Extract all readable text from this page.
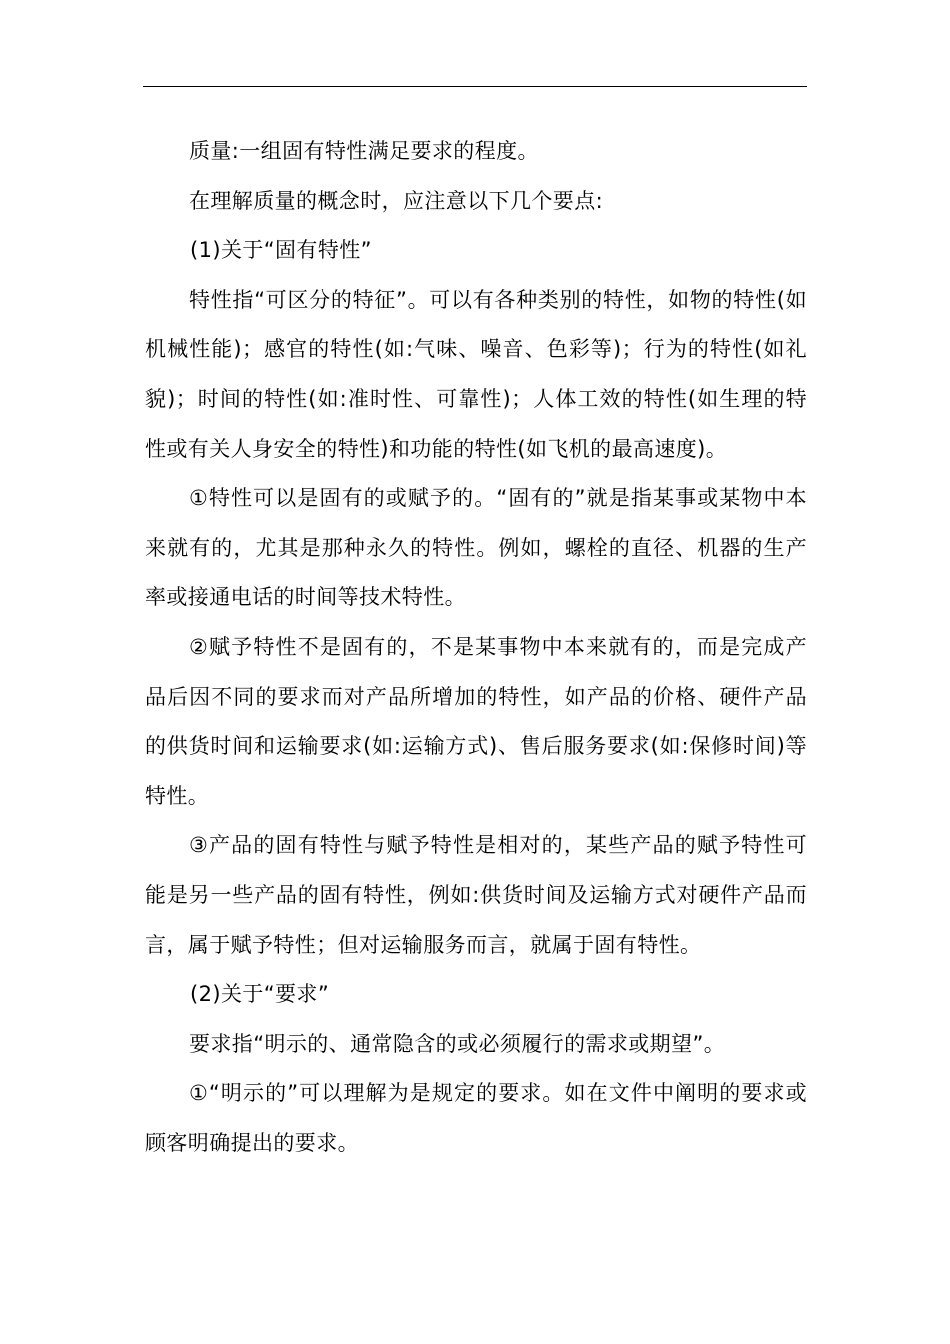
质量:一组固有特性满足要求的程度。

在理解质量的概念时，应注意以下几个要点:

(1)关于“固有特性”

特性指“可区分的特征”。可以有各种类别的特性，如物的特性(如机械性能)；感官的特性(如:气味、噪音、色彩等)；行为的特性(如礼貌)；时间的特性(如:准时性、可靠性)；人体工效的特性(如生理的特性或有关人身安全的特性)和功能的特性(如飞机的最高速度)。

①特性可以是固有的或赋予的。“固有的”就是指某事或某物中本来就有的，尤其是那种永久的特性。例如，螺栓的直径、机器的生产率或接通电话的时间等技术特性。

②赋予特性不是固有的，不是某事物中本来就有的，而是完成产品后因不同的要求而对产品所增加的特性，如产品的价格、硬件产品的供货时间和运输要求(如:运输方式)、售后服务要求(如:保修时间)等特性。

③产品的固有特性与赋予特性是相对的，某些产品的赋予特性可能是另一些产品的固有特性，例如:供货时间及运输方式对硬件产品而言，属于赋予特性；但对运输服务而言，就属于固有特性。

(2)关于“要求”

要求指“明示的、通常隐含的或必须履行的需求或期望”。

①“明示的”可以理解为是规定的要求。如在文件中阐明的要求或顾客明确提出的要求。
